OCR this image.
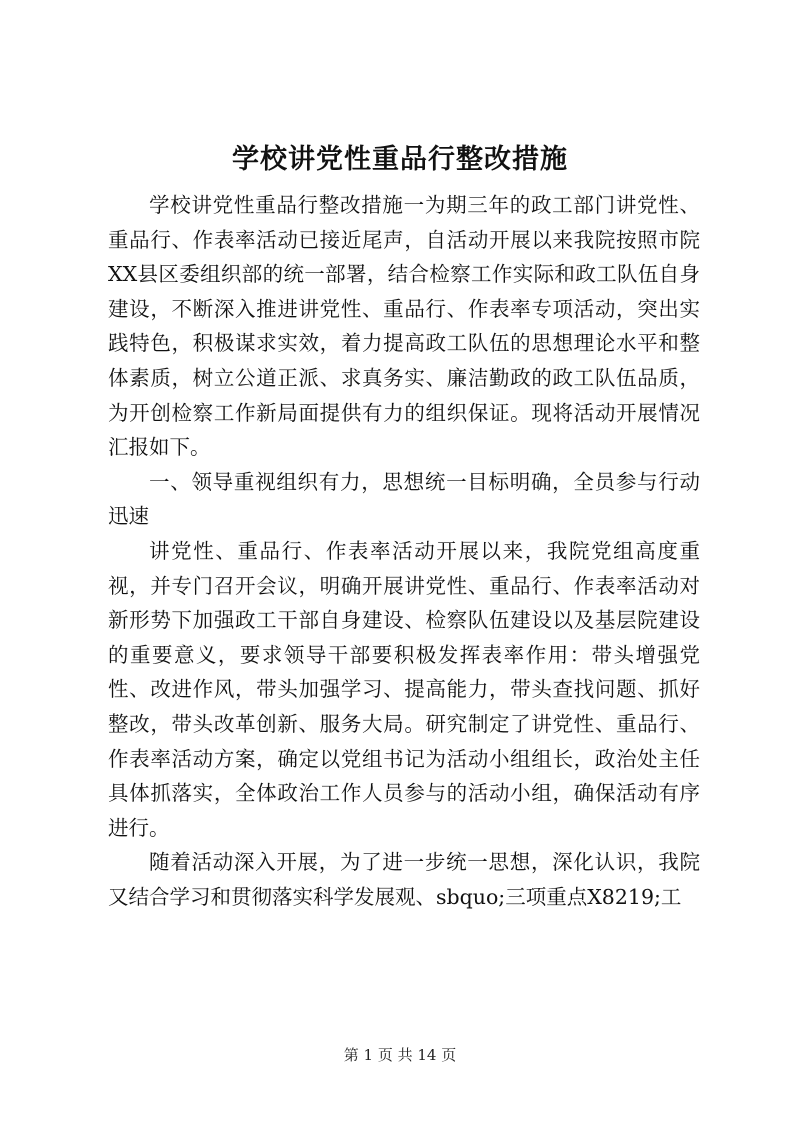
学校讲党性重品行整改措施

学校讲党性重品行整改措施一为期三年的政工部门讲党性、重品行、作表率活动已接近尾声，自活动开展以来我院按照市院XX县区委组织部的统一部署，结合检察工作实际和政工队伍自身建设，不断深入推进讲党性、重品行、作表率专项活动，突出实践特色，积极谋求实效，着力提高政工队伍的思想理论水平和整体素质，树立公道正派、求真务实、廉洁勤政的政工队伍品质，为开创检察工作新局面提供有力的组织保证。现将活动开展情况汇报如下。

一、领导重视组织有力，思想统一目标明确，全员参与行动迅速

讲党性、重品行、作表率活动开展以来，我院党组高度重视，并专门召开会议，明确开展讲党性、重品行、作表率活动对新形势下加强政工干部自身建设、检察队伍建设以及基层院建设的重要意义，要求领导干部要积极发挥表率作用：带头增强党性、改进作风，带头加强学习、提高能力，带头查找问题、抓好整改，带头改革创新、服务大局。研究制定了讲党性、重品行、作表率活动方案，确定以党组书记为活动小组组长，政治处主任具体抓落实，全体政治工作人员参与的活动小组，确保活动有序进行。

随着活动深入开展，为了进一步统一思想，深化认识，我院又结合学习和贯彻落实科学发展观、sbquo;三项重点X8219;工

第 1 页 共 14 页
